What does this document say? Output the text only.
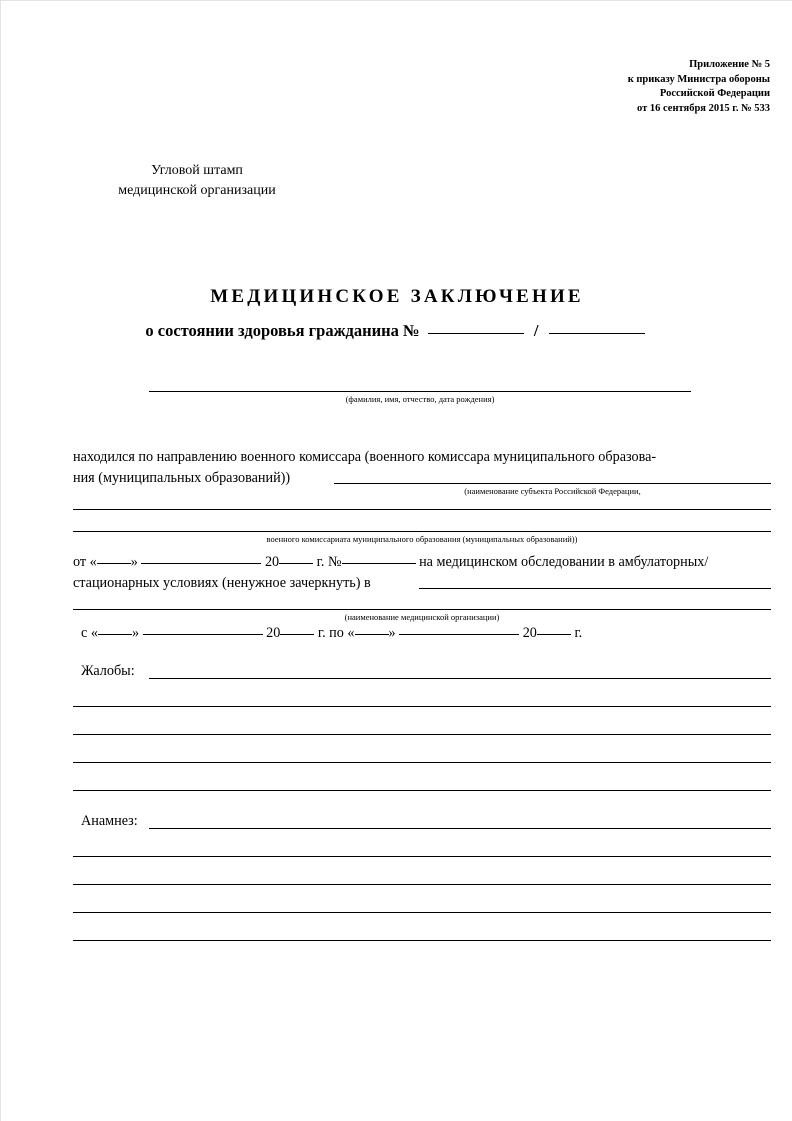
Приложение № 5
к приказу Министра обороны
Российской Федерации
от 16 сентября 2015 г. № 533
Угловой штамп
медицинской организации
МЕДИЦИНСКОЕ ЗАКЛЮЧЕНИЕ
о состоянии здоровья гражданина №	/
(фамилия, имя, отчество, дата рождения)
находился по направлению военного комиссара (военного комиссара муниципального образова-
ния (муниципальных образований))
(наименование субъекта Российской Федерации,
военного комиссариата муниципального образования (муниципальных образований))
от « »	20	г. №	на медицинском обследовании в амбулаторных/
стационарных условиях (ненужное зачеркнуть) в
(наименование медицинской организации)
с « »	20	г. по « »	20	г.
Жалобы:
Анамнез:
